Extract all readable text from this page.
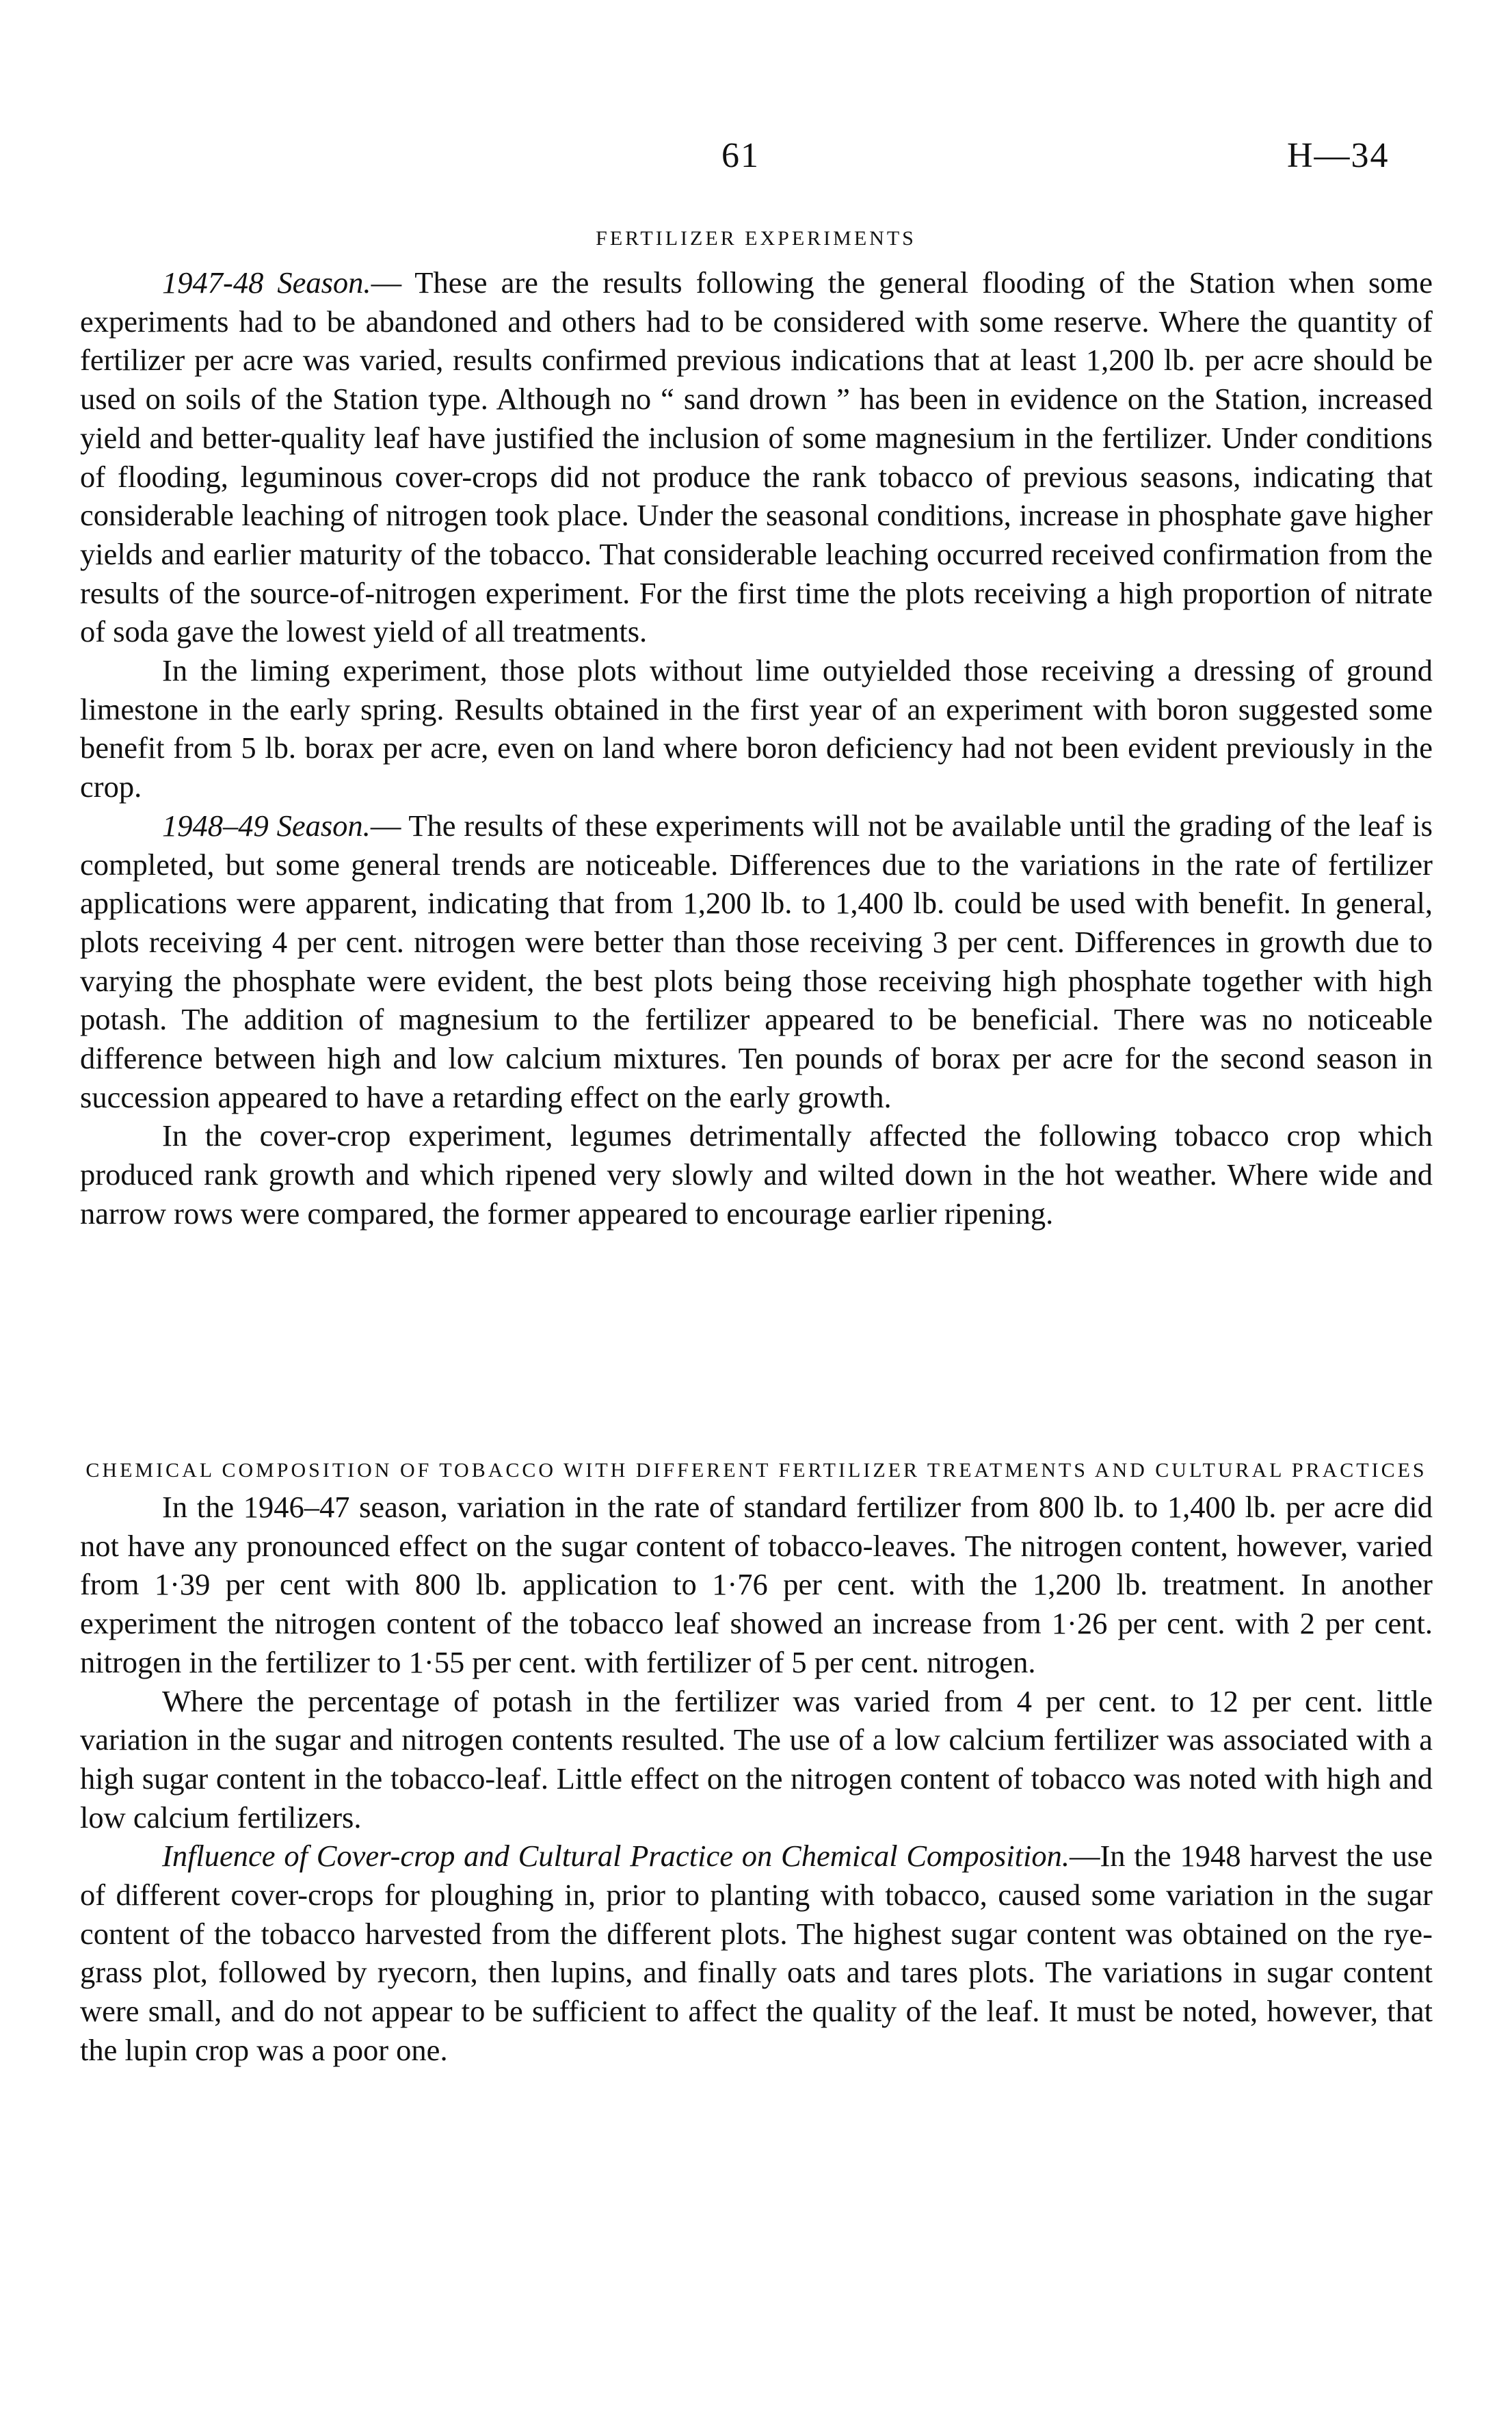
61	H—34
FERTILIZER EXPERIMENTS

1947-48 Season.— These are the results following the general flooding of the Station when some experiments had to be abandoned and others had to be considered with some reserve. Where the quantity of fertilizer per acre was varied, results confirmed previous indications that at least 1,200 lb. per acre should be used on soils of the Station type. Although no “ sand drown ” has been in evidence on the Station, increased yield and better-quality leaf have justified the inclusion of some magnesium in the fertilizer. Under conditions of flooding, leguminous cover-crops did not produce the rank tobacco of previous seasons, indicating that considerable leaching of nitrogen took place. Under the seasonal conditions, increase in phosphate gave higher yields and earlier maturity of the tobacco. That considerable leaching occurred received confirmation from the results of the source-of-nitrogen experiment. For the first time the plots receiving a high proportion of nitrate of soda gave the lowest yield of all treatments.

In the liming experiment, those plots without lime outyielded those receiving a dressing of ground limestone in the early spring. Results obtained in the first year of an experiment with boron suggested some benefit from 5 lb. borax per acre, even on land where boron deficiency had not been evident previously in the crop.

1948–49 Season.— The results of these experiments will not be available until the grading of the leaf is completed, but some general trends are noticeable. Differences due to the variations in the rate of fertilizer applications were apparent, indicating that from 1,200 lb. to 1,400 lb. could be used with benefit. In general, plots receiving 4 per cent. nitrogen were better than those receiving 3 per cent. Differences in growth due to varying the phosphate were evident, the best plots being those receiving high phosphate together with high potash. The addition of magnesium to the fertilizer appeared to be beneficial. There was no noticeable difference between high and low calcium mixtures. Ten pounds of borax per acre for the second season in succession appeared to have a retarding effect on the early growth.

In the cover-crop experiment, legumes detrimentally affected the following tobacco crop which produced rank growth and which ripened very slowly and wilted down in the hot weather. Where wide and narrow rows were compared, the former appeared to encourage earlier ripening.

CHEMICAL COMPOSITION OF TOBACCO WITH DIFFERENT FERTILIZER TREATMENTS AND CULTURAL PRACTICES

In the 1946–47 season, variation in the rate of standard fertilizer from 800 lb. to 1,400 lb. per acre did not have any pronounced effect on the sugar content of tobacco-leaves. The nitrogen content, however, varied from 1·39 per cent with 800 lb. application to 1·76 per cent. with the 1,200 lb. treatment. In another experiment the nitrogen content of the tobacco leaf showed an increase from 1·26 per cent. with 2 per cent. nitrogen in the fertilizer to 1·55 per cent. with fertilizer of 5 per cent. nitrogen.

Where the percentage of potash in the fertilizer was varied from 4 per cent. to 12 per cent. little variation in the sugar and nitrogen contents resulted. The use of a low calcium fertilizer was associated with a high sugar content in the tobacco-leaf. Little effect on the nitrogen content of tobacco was noted with high and low calcium fertilizers.

Influence of Cover-crop and Cultural Practice on Chemical Composition.—In the 1948 harvest the use of different cover-crops for ploughing in, prior to planting with tobacco, caused some variation in the sugar content of the tobacco harvested from the different plots. The highest sugar content was obtained on the rye-grass plot, followed by ryecorn, then lupins, and finally oats and tares plots. The variations in sugar content were small, and do not appear to be sufficient to affect the quality of the leaf. It must be noted, however, that the lupin crop was a poor one.
